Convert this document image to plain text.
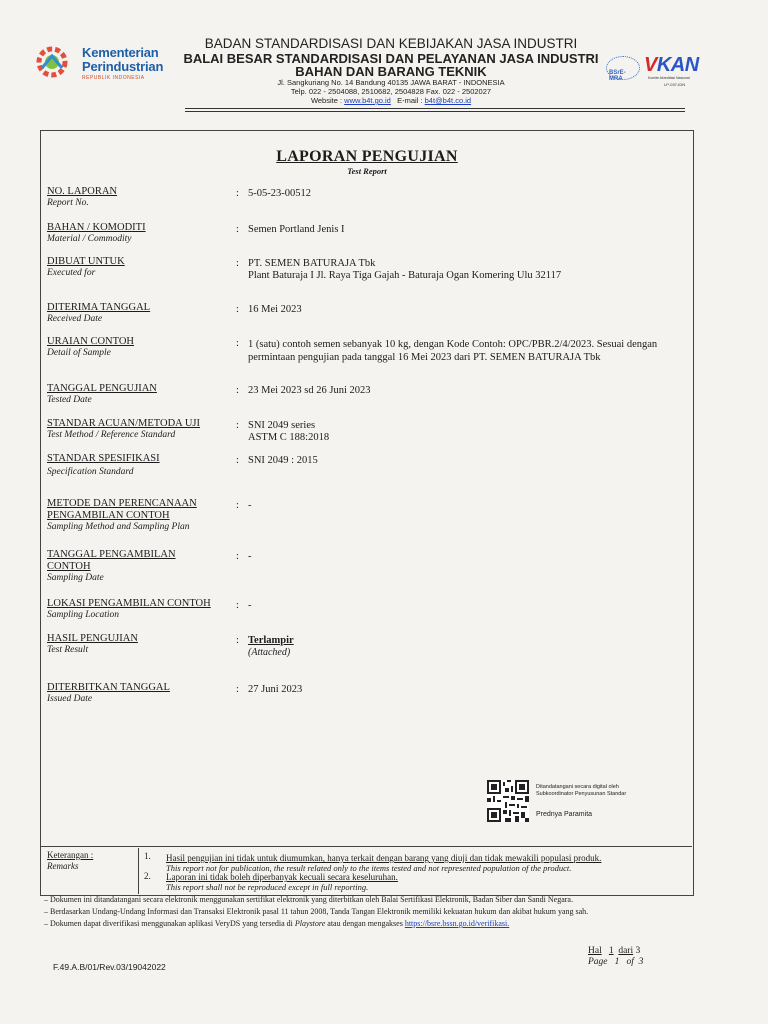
Kementerian
Perindustrian
REPUBLIK INDONESIA
BADAN STANDARDISASI DAN KEBIJAKAN JASA INDUSTRI
BALAI BESAR STANDARDISASI DAN PELAYANAN JASA INDUSTRI
BAHAN DAN BARANG TEKNIK
Jl. Sangkuriang No. 14 Bandung 40135 JAWA BARAT - INDONESIA
Telp. 022 - 2504088, 2510682, 2504828 Fax. 022 - 2502027
Website : www.b4t.go.id E-mail : b4t@b4t.co.id
BSrE-MRA
VKAN
Komite Akreditasi Nasional
LP-037-IDN
LAPORAN PENGUJIAN
Test Report
NO. LAPORAN
Report No.
: 5-05-23-00512
BAHAN / KOMODITI
Material / Commodity
: Semen Portland Jenis I
DIBUAT UNTUK
Executed for
: PT. SEMEN BATURAJA Tbk
Plant Baturaja I Jl. Raya Tiga Gajah - Baturaja Ogan Komering Ulu 32117
DITERIMA TANGGAL
Received Date
: 16 Mei 2023
URAIAN CONTOH
Detail of Sample
: 1 (satu) contoh semen sebanyak 10 kg, dengan Kode Contoh: OPC/PBR.2/4/2023. Sesuai dengan permintaan pengujian pada tanggal 16 Mei 2023 dari PT. SEMEN BATURAJA Tbk
TANGGAL PENGUJIAN
Tested Date
: 23 Mei 2023 sd 26 Juni 2023
STANDAR ACUAN/METODA UJI
Test Method / Reference Standard
: SNI 2049 series
ASTM C 188:2018
STANDAR SPESIFIKASI
Specification Standard
: SNI 2049 : 2015
METODE DAN PERENCANAAN
PENGAMBILAN CONTOH
Sampling Method and Sampling Plan
: -
TANGGAL PENGAMBILAN
CONTOH
Sampling Date
: -
LOKASI PENGAMBILAN CONTOH
Sampling Location
: -
HASIL PENGUJIAN
Test Result
: Terlampir
(Attached)
DITERBITKAN TANGGAL
Issued Date
: 27 Juni 2023
Ditandatangani secara digital oleh Subkoordinator Penyusunan Standar
Prednya Paramita
Keterangan :
Remarks
1. Hasil pengujian ini tidak untuk diumumkan, hanya terkait dengan barang yang diuji dan tidak mewakili populasi produk.
This report not for publication, the result related only to the items tested and not represented population of the product.
2. Laporan ini tidak boleh diperbanyak kecuali secara keseluruhan.
This report shall not be reproduced except in full reporting.
– Dokumen ini ditandatangani secara elektronik menggunakan sertifikat elektronik yang diterbitkan oleh Balai Sertifikasi Elektronik, Badan Siber dan Sandi Negara.
– Berdasarkan Undang-Undang Informasi dan Transaksi Elektronik pasal 11 tahun 2008, Tanda Tangan Elektronik memiliki kekuatan hukum dan akibat hukum yang sah.
– Dokumen dapat diverifikasi menggunakan aplikasi VeryDS yang tersedia di Playstore atau dengan mengakses https://bsre.bssn.go.id/verifikasi.
Hal 1 dari 3
Page 1 of 3
F.49.A.B/01/Rev.03/19042022
